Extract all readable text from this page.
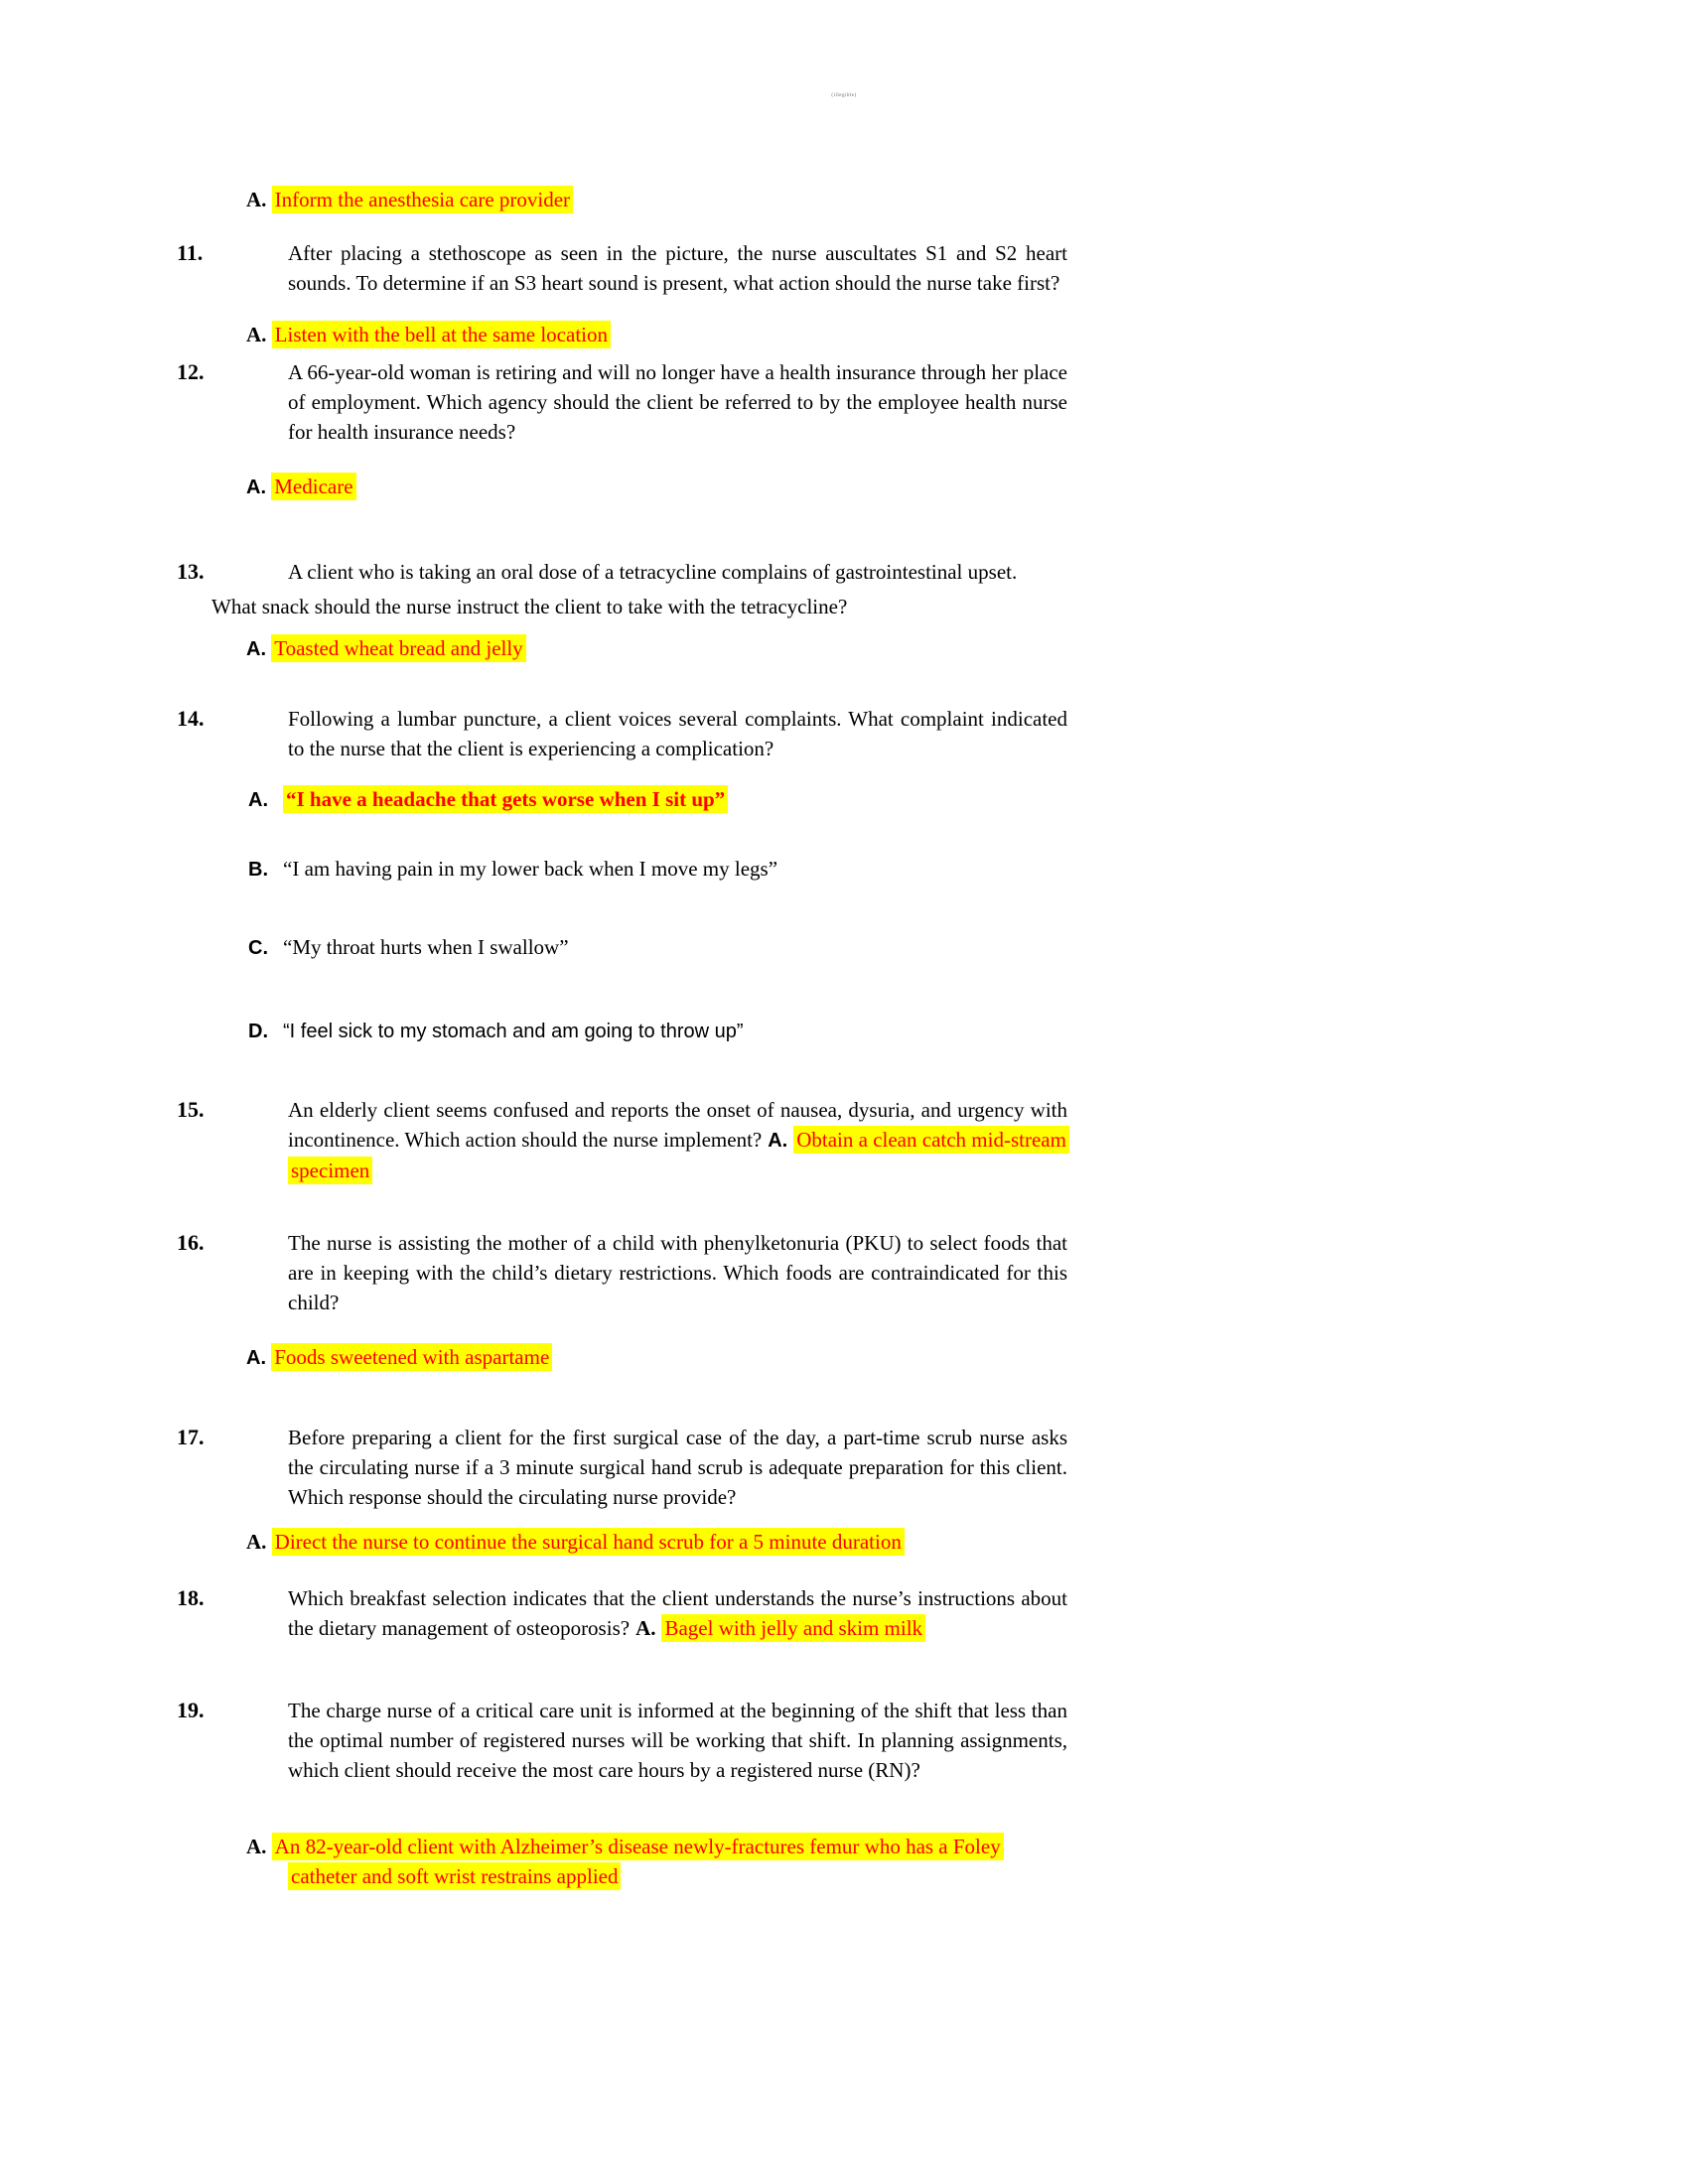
(illegible)
A. Inform the anesthesia care provider
11.	After placing a stethoscope as seen in the picture, the nurse auscultates S1 and S2 heart sounds. To determine if an S3 heart sound is present, what action should the nurse take first?
A. Listen with the bell at the same location
12.	A 66-year-old woman is retiring and will no longer have a health insurance through her place of employment. Which agency should the client be referred to by the employee health nurse for health insurance needs?
A. Medicare
13.	A client who is taking an oral dose of a tetracycline complains of gastrointestinal upset.
What snack should the nurse instruct the client to take with the tetracycline?
A. Toasted wheat bread and jelly
14.	Following a lumbar puncture, a client voices several complaints. What complaint indicated to the nurse that the client is experiencing a complication?
A. “I have a headache that gets worse when I sit up”
B. “I am having pain in my lower back when I move my legs”
C. “My throat hurts when I swallow”
D. “I feel sick to my stomach and am going to throw up”
15.	An elderly client seems confused and reports the onset of nausea, dysuria, and urgency with incontinence. Which action should the nurse implement? A. Obtain a clean catch mid-stream specimen
16.	The nurse is assisting the mother of a child with phenylketonuria (PKU) to select foods that are in keeping with the child’s dietary restrictions. Which foods are contraindicated for this child?
A. Foods sweetened with aspartame
17.	Before preparing a client for the first surgical case of the day, a part-time scrub nurse asks the circulating nurse if a 3 minute surgical hand scrub is adequate preparation for this client. Which response should the circulating nurse provide?
A. Direct the nurse to continue the surgical hand scrub for a 5 minute duration
18.	Which breakfast selection indicates that the client understands the nurse’s instructions about the dietary management of osteoporosis? A. Bagel with jelly and skim milk
19.	The charge nurse of a critical care unit is informed at the beginning of the shift that less than the optimal number of registered nurses will be working that shift. In planning assignments, which client should receive the most care hours by a registered nurse (RN)?
A. An 82-year-old client with Alzheimer’s disease newly-fractures femur who has a Foley catheter and soft wrist restrains applied
